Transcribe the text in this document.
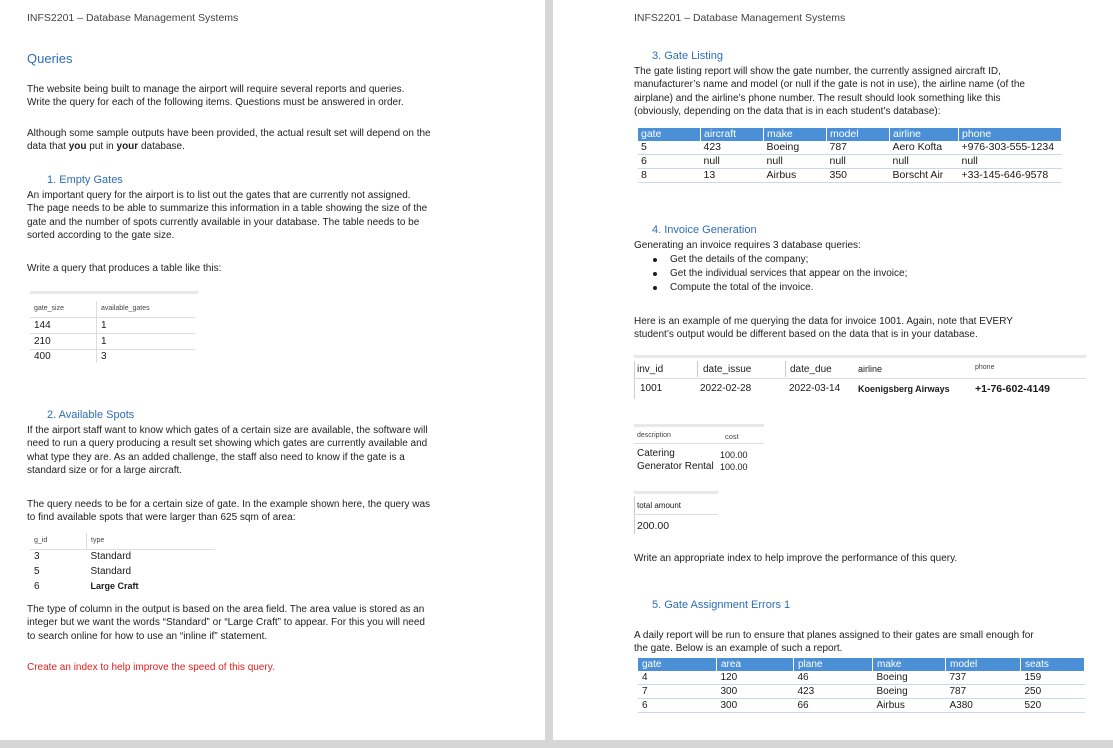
INFS2201 – Database Management Systems
Queries
The website being built to manage the airport will require several reports and queries.
Write the query for each of the following items. Questions must be answered in order.
Although some sample outputs have been provided, the actual result set will depend on the
data that you put in your database.
1. Empty Gates
An important query for the airport is to list out the gates that are currently not assigned.
The page needs to be able to summarize this information in a table showing the size of the
gate and the number of spots currently available in your database. The table needs to be
sorted according to the gate size.
Write a query that produces a table like this:
gate_size	available_gates
144	1
210	1
400	3
2. Available Spots
If the airport staff want to know which gates of a certain size are available, the software will
need to run a query producing a result set showing which gates are currently available and
what type they are. As an added challenge, the staff also need to know if the gate is a
standard size or for a large aircraft.
The query needs to be for a certain size of gate. In the example shown here, the query was
to find available spots that were larger than 625 sqm of area:
g_id	type
3	Standard
5	Standard
6	Large Craft
The type of column in the output is based on the area field. The area value is stored as an
integer but we want the words “Standard” or “Large Craft” to appear. For this you will need
to search online for how to use an “inline if” statement.
Create an index to help improve the speed of this query.
INFS2201 – Database Management Systems
3. Gate Listing
The gate listing report will show the gate number, the currently assigned aircraft ID,
manufacturer’s name and model (or null if the gate is not in use), the airline name (of the
airplane) and the airline’s phone number. The result should look something like this
(obviously, depending on the data that is in each student’s database):
gate	aircraft	make	model	airline	phone
5	423	Boeing	787	Aero Kofta	+976-303-555-1234
6	null	null	null	null	null
8	13	Airbus	350	Borscht Air	+33-145-646-9578
4. Invoice Generation
Generating an invoice requires 3 database queries:
Get the details of the company;
Get the individual services that appear on the invoice;
Compute the total of the invoice.
Here is an example of me querying the data for invoice 1001. Again, note that EVERY
student’s output would be different based on the data that is in your database.
inv_id	date_issue	date_due	airline	phone
1001	2022-02-28	2022-03-14 Koenigsberg Airways +1-76-602-4149
description	cost
Catering	100.00
Generator Rental 100.00
total amount
200.00
Write an appropriate index to help improve the performance of this query.
5. Gate Assignment Errors 1
A daily report will be run to ensure that planes assigned to their gates are small enough for
the gate. Below is an example of such a report.
gate	area	plane	make	model	seats
4	120	46	Boeing	737	159
7	300	423	Boeing	787	250
6	300	66	Airbus	A380	520
